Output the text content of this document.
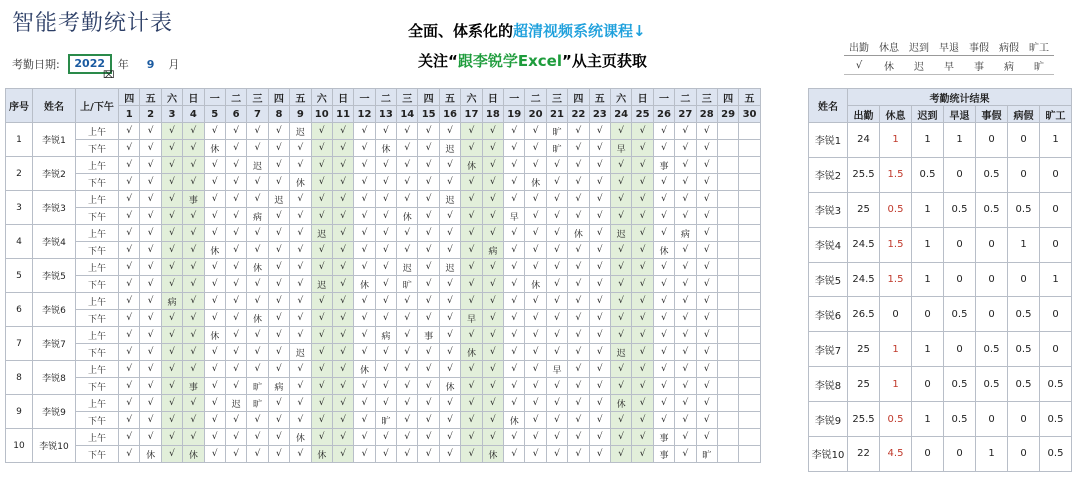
智能考勤统计表	全面、体系化的超清视频系统课程↓
关注“跟李锐学Excel”从主页获取
考勤日期:	2022	年 9 月
⌧
出勤	休息	迟到	早退	事假	病假	旷工
√	休	迟	早	事	病	旷
序号	姓名	上/下午	四	五	六	日	一	二	三	四	五	六	日	一	二	三	四	五	六	日	一	二	三	四	五	六	日	一	二	三	四	五
			1	2	3	4	5	6	7	8	9	10	11	12	13	14	15	16	17	18	19	20	21	22	23	24	25	26	27	28	29	30
1	李锐1	上午	√	√	√	√	√	√	√	√	迟	√	√	√	√	√	√	√	√	√	√	√	旷	√	√	√	√	√	√	√		
		下午	√	√	√	√	休	√	√	√	√	√	√	√	休	√	√	迟	√	√	√	√	旷	√	√	早	√	√	√	√		
2	李锐2	上午	√	√	√	√	√	√	迟	√	√	√	√	√	√	√	√	√	休	√	√	√	√	√	√	√	√	事	√	√		
		下午	√	√	√	√	√	√	√	√	休	√	√	√	√	√	√	√	√	√	√	休	√	√	√	√	√	√	√	√		
3	李锐3	上午	√	√	√	事	√	√	√	迟	√	√	√	√	√	√	√	迟	√	√	√	√	√	√	√	√	√	√	√	√		
		下午	√	√	√	√	√	√	病	√	√	√	√	√	√	休	√	√	√	√	早	√	√	√	√	√	√	√	√	√		
4	李锐4	上午	√	√	√	√	√	√	√	√	√	迟	√	√	√	√	√	√	√	√	√	√	√	休	√	迟	√	√	病	√		
		下午	√	√	√	√	休	√	√	√	√	√	√	√	√	√	√	√	√	病	√	√	√	√	√	√	√	休	√	√		
5	李锐5	上午	√	√	√	√	√	√	休	√	√	√	√	√	√	迟	√	迟	√	√	√	√	√	√	√	√	√	√	√	√		
		下午	√	√	√	√	√	√	√	√	√	迟	√	休	√	旷	√	√	√	√	√	休	√	√	√	√	√	√	√	√		
6	李锐6	上午	√	√	病	√	√	√	√	√	√	√	√	√	√	√	√	√	√	√	√	√	√	√	√	√	√	√	√	√		
		下午	√	√	√	√	√	√	休	√	√	√	√	√	√	√	√	√	早	√	√	√	√	√	√	√	√	√	√	√		
7	李锐7	上午	√	√	√	√	休	√	√	√	√	√	√	√	病	√	事	√	√	√	√	√	√	√	√	√	√	√	√	√		
		下午	√	√	√	√	√	√	√	√	迟	√	√	√	√	√	√	√	休	√	√	√	√	√	√	迟	√	√	√	√		
8	李锐8	上午	√	√	√	√	√	√	√	√	√	√	√	休	√	√	√	√	√	√	√	√	早	√	√	√	√	√	√	√		
		下午	√	√	√	事	√	√	旷	病	√	√	√	√	√	√	√	休	√	√	√	√	√	√	√	√	√	√	√	√		
9	李锐9	上午	√	√	√	√	√	迟	旷	√	√	√	√	√	√	√	√	√	√	√	√	√	√	√	√	休	√	√	√	√		
		下午	√	√	√	√	√	√	√	√	√	√	√	√	旷	√	√	√	√	√	休	√	√	√	√	√	√	√	√	√		
10	李锐10	上午	√	√	√	√	√	√	√	√	休	√	√	√	√	√	√	√	√	√	√	√	√	√	√	√	√	事	√	√		
		下午	√	休	√	休	√	√	√	√	√	休	√	√	√	√	√	√	√	休	√	√	√	√	√	√	√	事	√	旷		
姓名	考勤统计结果						
	出勤	休息	迟到	早退	事假	病假	旷工
李锐1	24	1	1	1	0	0	1
李锐2	25.5	1.5	0.5	0	0.5	0	0
李锐3	25	0.5	1	0.5	0.5	0.5	0
李锐4	24.5	1.5	1	0	0	1	0
李锐5	24.5	1.5	1	0	0	0	1
李锐6	26.5	0	0	0.5	0	0.5	0
李锐7	25	1	1	0	0.5	0.5	0
李锐8	25	1	0	0.5	0.5	0.5	0.5
李锐9	25.5	0.5	1	0.5	0	0	0.5
李锐10	22	4.5	0	0	1	0	0.5
